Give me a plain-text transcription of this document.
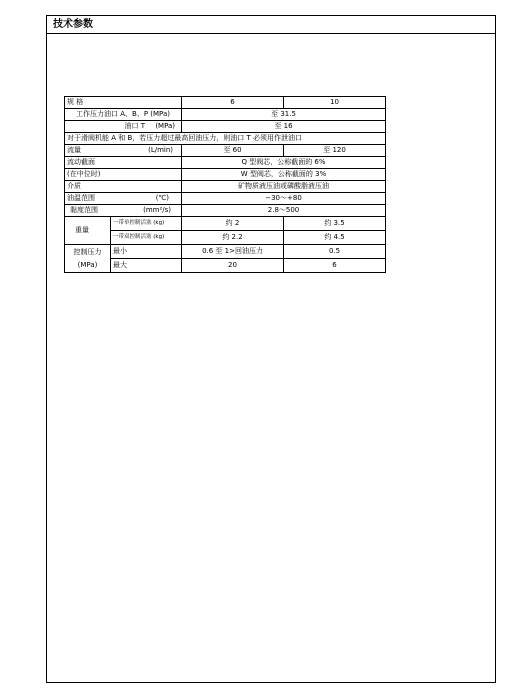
技术参数
规 格		6	10
工作压力油口 A、B、P (MPa)		至 31.5	
油口 T (MPa)		至 16	
对于滑阀机能 A 和 B，若压力超过最高回油压力，则油口 T 必须用作泄油口			
流量 (L/min)		至 60	至 120
流动截面		Q 型阀芯，公称截面的 6%	
(在中位时)		W 型阀芯，公称截面的 3%	
介质		矿物质液压油或磷酸脂液压油	
油温范围 (℃)		−30～+80	
黏度范围 (mm²/s)		2.8～500	
重量	一带单控制活塞 (kg)	约 2	约 3.5
	一带双控制活塞 (kg)	约 2.2	约 4.5

控制压力
(MPa)	最小	0.6 至 1>回油压力	0.5
	最大	20	6
